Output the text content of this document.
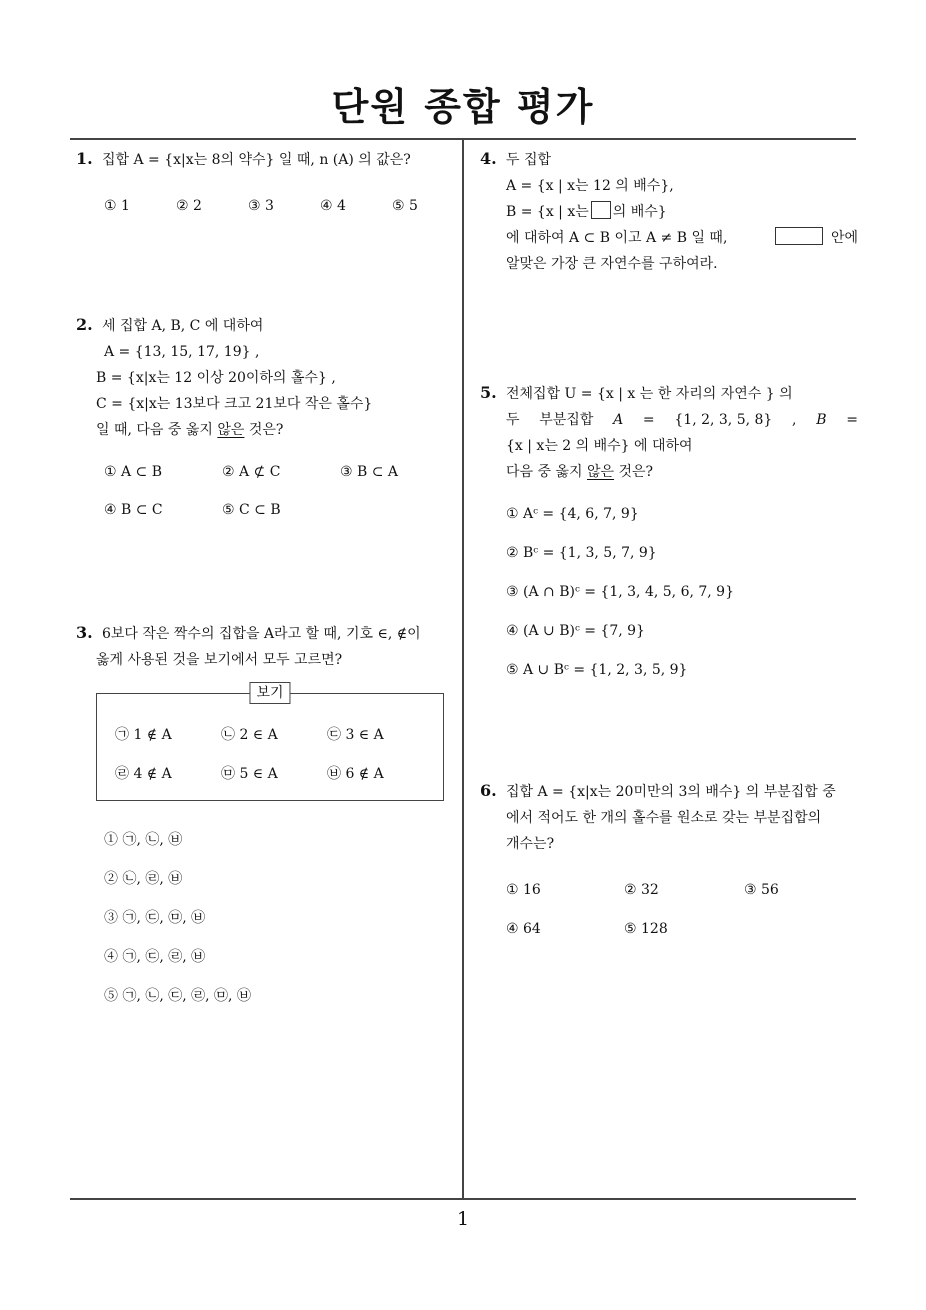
단원 종합 평가
1
1. 집합 A = {x|x는 8의 약수} 일 때, n (A) 의 값은?
① 1	② 2	③ 3	④ 4	⑤ 5
2. 세 집합 A, B, C 에 대하여
A = {13, 15, 17, 19} ,
B = {x|x는 12 이상 20이하의 홀수} ,
C = {x|x는 13보다 크고 21보다 작은 홀수}
일 때, 다음 중 옳지 않은 것은?
① A ⊂ B	② A ⊄ C	③ B ⊂ A
④ B ⊂ C	⑤ C ⊂ B
3. 6보다 작은 짝수의 집합을 A라고 할 때, 기호 ∈, ∉이
옳게 사용된 것을 보기에서 모두 고르면?
보기
㉠ 1 ∉ A	㉡ 2 ∈ A	㉢ 3 ∈ A
㉣ 4 ∉ A	㉤ 5 ∈ A	㉥ 6 ∉ A
① ㉠, ㉡, ㉥
② ㉡, ㉣, ㉥
③ ㉠, ㉢, ㉤, ㉥
④ ㉠, ㉢, ㉣, ㉥
⑤ ㉠, ㉡, ㉢, ㉣, ㉤, ㉥
4. 두 집합
A = {x | x는 12 의 배수},
B = {x | x는 의 배수}
에 대하여 A ⊂ B 이고 A ≠ B 일 때,	안에
알맞은 가장 큰 자연수를 구하여라.
5. 전체집합 U = {x | x 는 한 자리의 자연수 } 의
두 부분집합 A = {1, 2, 3, 5, 8} , B =
{x | x는 2 의 배수} 에 대하여
다음 중 옳지 않은 것은?
① Aᶜ = {4, 6, 7, 9}
② Bᶜ = {1, 3, 5, 7, 9}
③ (A ∩ B)ᶜ = {1, 3, 4, 5, 6, 7, 9}
④ (A ∪ B)ᶜ = {7, 9}
⑤ A ∪ Bᶜ = {1, 2, 3, 5, 9}
6. 집합 A = {x|x는 20미만의 3의 배수} 의 부분집합 중
에서 적어도 한 개의 홀수를 원소로 갖는 부분집합의
개수는?
① 16	② 32	③ 56
④ 64	⑤ 128
